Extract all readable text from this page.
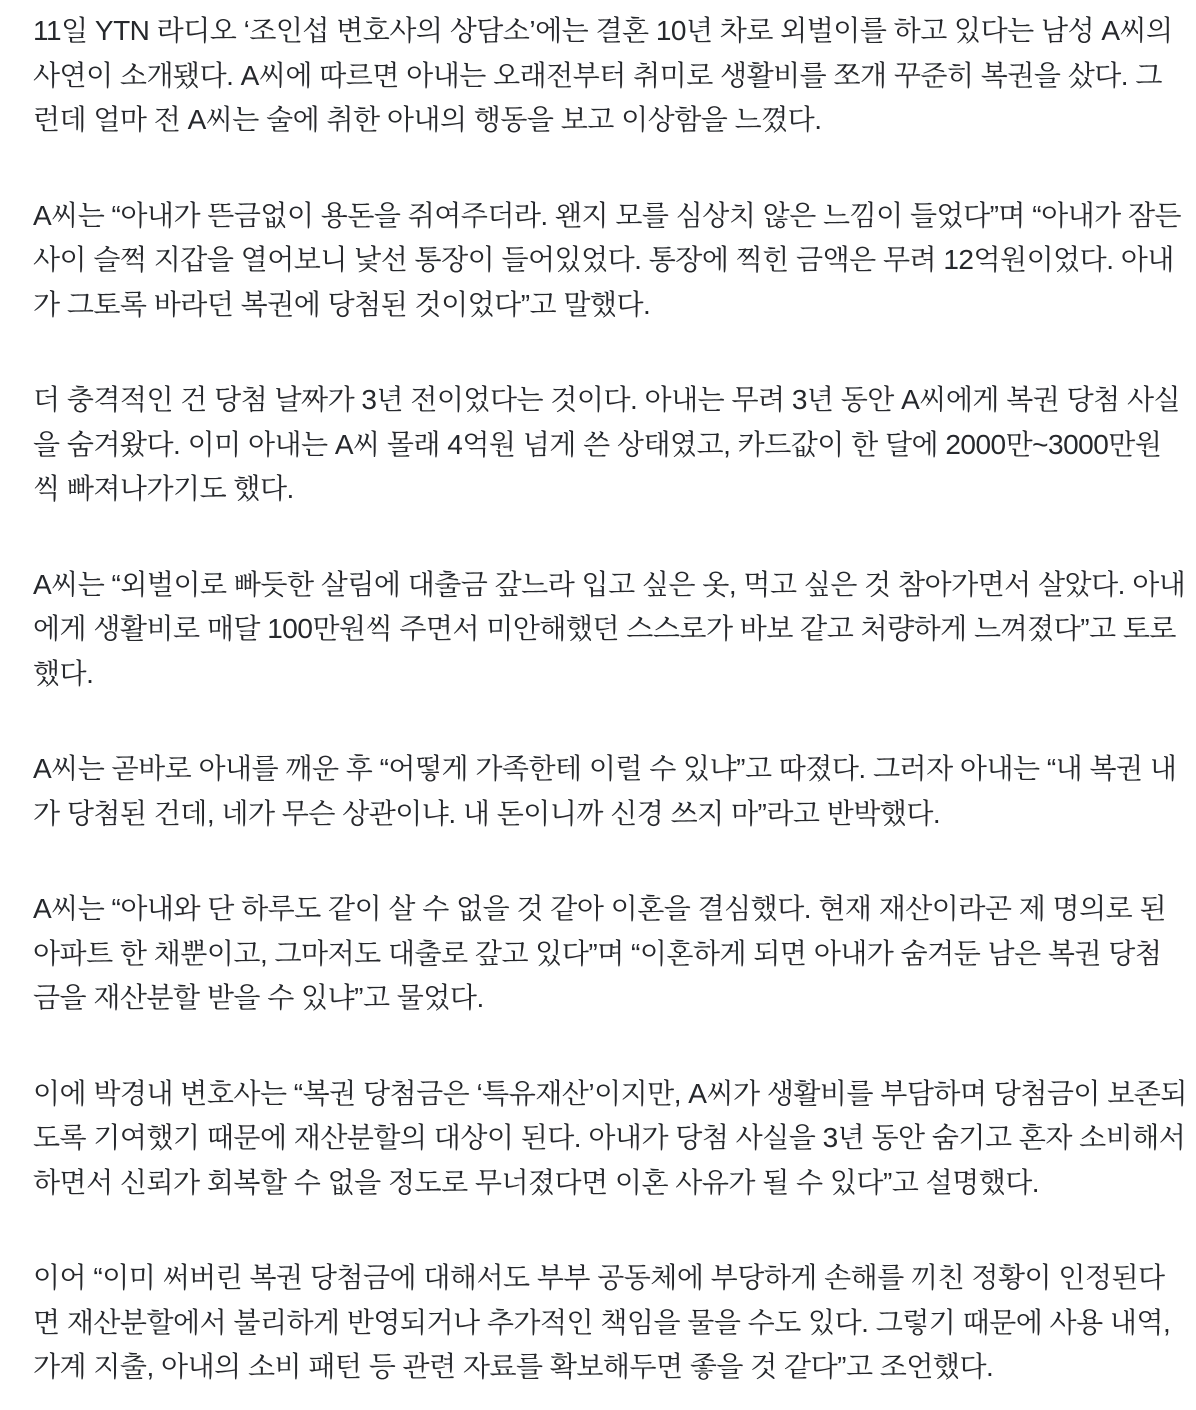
11일 YTN 라디오 ‘조인섭 변호사의 상담소’에는 결혼 10년 차로 외벌이를 하고 있다는 남성 A씨의 사연이 소개됐다. A씨에 따르면 아내는 오래전부터 취미로 생활비를 쪼개 꾸준히 복권을 샀다. 그런데 얼마 전 A씨는 술에 취한 아내의 행동을 보고 이상함을 느꼈다.

A씨는 “아내가 뜬금없이 용돈을 쥐여주더라. 왠지 모를 심상치 않은 느낌이 들었다”며 “아내가 잠든 사이 슬쩍 지갑을 열어보니 낯선 통장이 들어있었다. 통장에 찍힌 금액은 무려 12억원이었다. 아내가 그토록 바라던 복권에 당첨된 것이었다”고 말했다.

더 충격적인 건 당첨 날짜가 3년 전이었다는 것이다. 아내는 무려 3년 동안 A씨에게 복권 당첨 사실을 숨겨왔다. 이미 아내는 A씨 몰래 4억원 넘게 쓴 상태였고, 카드값이 한 달에 2000만~3000만원씩 빠져나가기도 했다.

A씨는 “외벌이로 빠듯한 살림에 대출금 갚느라 입고 싶은 옷, 먹고 싶은 것 참아가면서 살았다. 아내에게 생활비로 매달 100만원씩 주면서 미안해했던 스스로가 바보 같고 처량하게 느껴졌다”고 토로했다.

A씨는 곧바로 아내를 깨운 후 “어떻게 가족한테 이럴 수 있냐”고 따졌다. 그러자 아내는 “내 복권 내가 당첨된 건데, 네가 무슨 상관이냐. 내 돈이니까 신경 쓰지 마”라고 반박했다.

A씨는 “아내와 단 하루도 같이 살 수 없을 것 같아 이혼을 결심했다. 현재 재산이라곤 제 명의로 된 아파트 한 채뿐이고, 그마저도 대출로 갚고 있다”며 “이혼하게 되면 아내가 숨겨둔 남은 복권 당첨금을 재산분할 받을 수 있냐”고 물었다.

이에 박경내 변호사는 “복권 당첨금은 ‘특유재산’이지만, A씨가 생활비를 부담하며 당첨금이 보존되도록 기여했기 때문에 재산분할의 대상이 된다. 아내가 당첨 사실을 3년 동안 숨기고 혼자 소비해서 하면서 신뢰가 회복할 수 없을 정도로 무너졌다면 이혼 사유가 될 수 있다”고 설명했다.

이어 “이미 써버린 복권 당첨금에 대해서도 부부 공동체에 부당하게 손해를 끼친 정황이 인정된다면 재산분할에서 불리하게 반영되거나 추가적인 책임을 물을 수도 있다. 그렇기 때문에 사용 내역, 가계 지출, 아내의 소비 패턴 등 관련 자료를 확보해두면 좋을 것 같다”고 조언했다.
